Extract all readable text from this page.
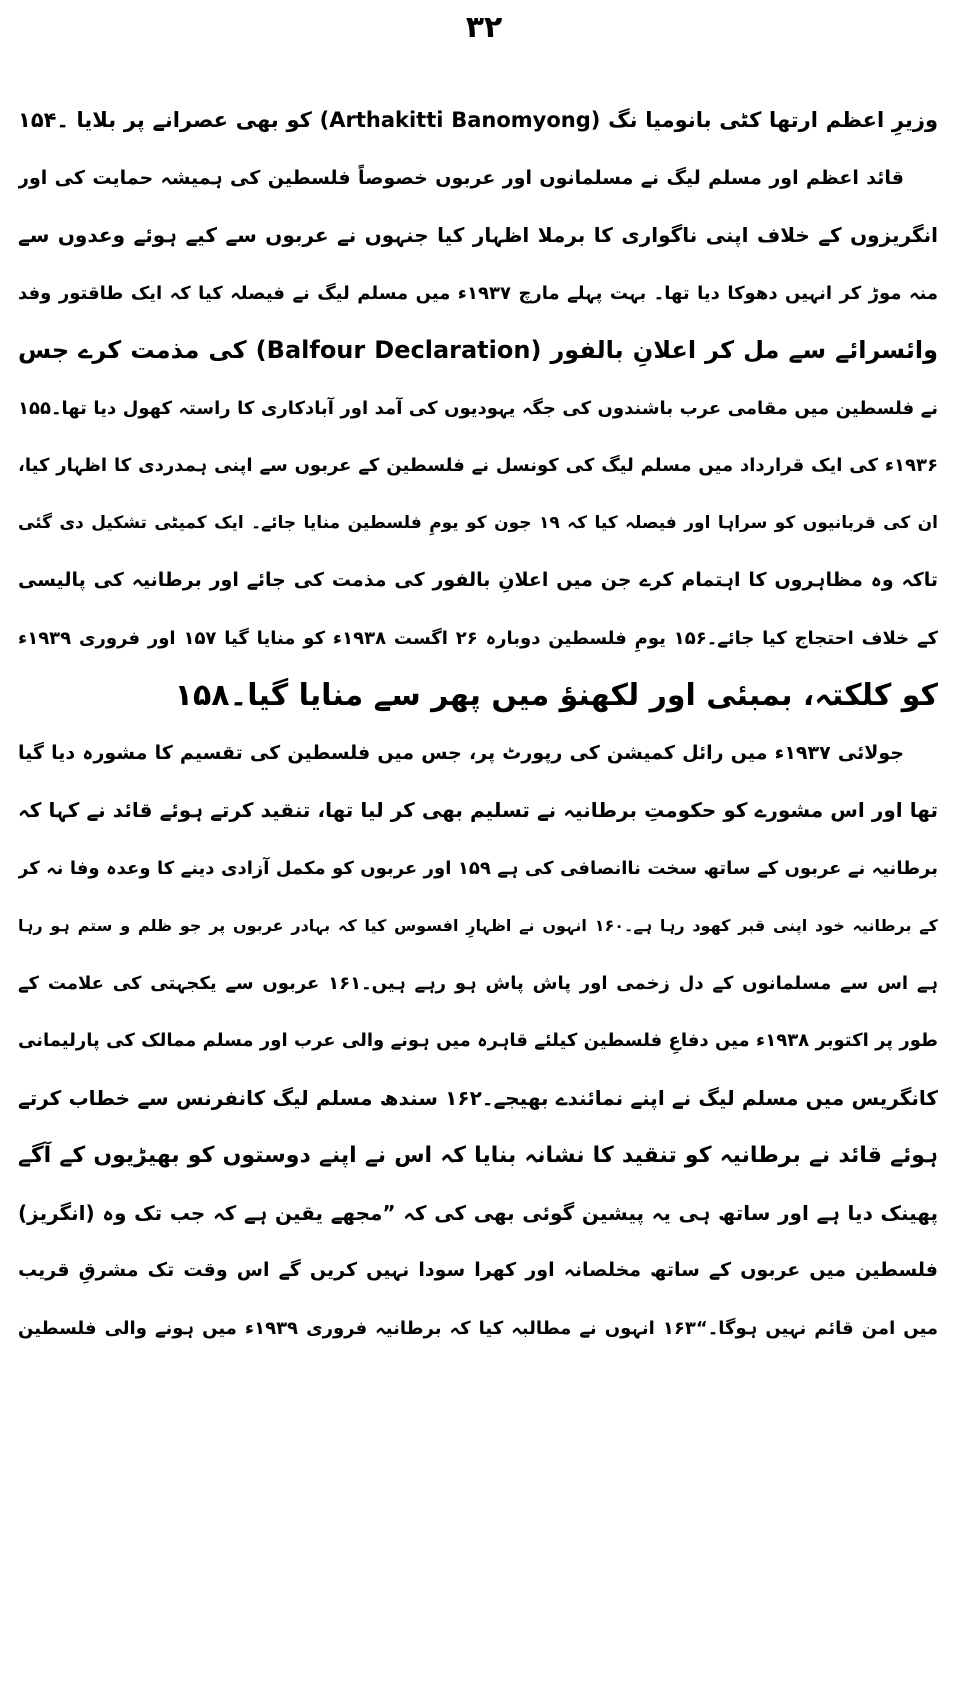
۳۲
وزیرِ اعظم ارتھا کٹی بانومیا نگ (Arthakitti Banomyong) کو بھی عصرانے پر بلایا ۔۱۵۴
قائد اعظم اور مسلم لیگ نے مسلمانوں اور عربوں خصوصاً فلسطین کی ہمیشہ حمایت کی اور
انگریزوں کے خلاف اپنی ناگواری کا برملا اظہار کیا جنہوں نے عربوں سے کیے ہوئے وعدوں سے
منہ موڑ کر انہیں دھوکا دیا تھا۔ بہت پہلے مارچ ۱۹۳۷ء میں مسلم لیگ نے فیصلہ کیا کہ ایک طاقتور وفد
وائسرائے سے مل کر اعلانِ بالفور (Balfour Declaration) کی مذمت کرے جس
نے فلسطین میں مقامی عرب باشندوں کی جگہ یہودیوں کی آمد اور آبادکاری کا راستہ کھول دیا تھا۔۱۵۵
۱۹۳۶ء کی ایک قرارداد میں مسلم لیگ کی کونسل نے فلسطین کے عربوں سے اپنی ہمدردی کا اظہار کیا،
ان کی قربانیوں کو سراہا اور فیصلہ کیا کہ ۱۹ جون کو یومِ فلسطین منایا جائے۔ ایک کمیٹی تشکیل دی گئی
تاکہ وہ مظاہروں کا اہتمام کرے جن میں اعلانِ بالفور کی مذمت کی جائے اور برطانیہ کی پالیسی
کے خلاف احتجاج کیا جائے۔۱۵۶ یومِ فلسطین دوبارہ ۲۶ اگست ۱۹۳۸ء کو منایا گیا ۱۵۷ اور فروری ۱۹۳۹ء
کو کلکتہ، بمبئی اور لکھنؤ میں پھر سے منایا گیا۔۱۵۸
جولائی ۱۹۳۷ء میں رائل کمیشن کی رپورٹ پر، جس میں فلسطین کی تقسیم کا مشورہ دیا گیا
تھا اور اس مشورے کو حکومتِ برطانیہ نے تسلیم بھی کر لیا تھا، تنقید کرتے ہوئے قائد نے کہا کہ
برطانیہ نے عربوں کے ساتھ سخت ناانصافی کی ہے ۱۵۹ اور عربوں کو مکمل آزادی دینے کا وعدہ وفا نہ کر
کے برطانیہ خود اپنی قبر کھود رہا ہے۔۱۶۰ انہوں نے اظہارِ افسوس کیا کہ بہادر عربوں پر جو ظلم و ستم ہو رہا
ہے اس سے مسلمانوں کے دل زخمی اور پاش پاش ہو رہے ہیں۔۱۶۱ عربوں سے یکجہتی کی علامت کے
طور پر اکتوبر ۱۹۳۸ء میں دفاعِ فلسطین کیلئے قاہرہ میں ہونے والی عرب اور مسلم ممالک کی پارلیمانی
کانگریس میں مسلم لیگ نے اپنے نمائندے بھیجے۔۱۶۲ سندھ مسلم لیگ کانفرنس سے خطاب کرتے
ہوئے قائد نے برطانیہ کو تنقید کا نشانہ بنایا کہ اس نے اپنے دوستوں کو بھیڑیوں کے آگے
پھینک دیا ہے اور ساتھ ہی یہ پیشین گوئی بھی کی کہ ”مجھے یقین ہے کہ جب تک وہ (انگریز)
فلسطین میں عربوں کے ساتھ مخلصانہ اور کھرا سودا نہیں کریں گے اس وقت تک مشرقِ قریب
میں امن قائم نہیں ہوگا۔“۱۶۳ انہوں نے مطالبہ کیا کہ برطانیہ فروری ۱۹۳۹ء میں ہونے والی فلسطین
